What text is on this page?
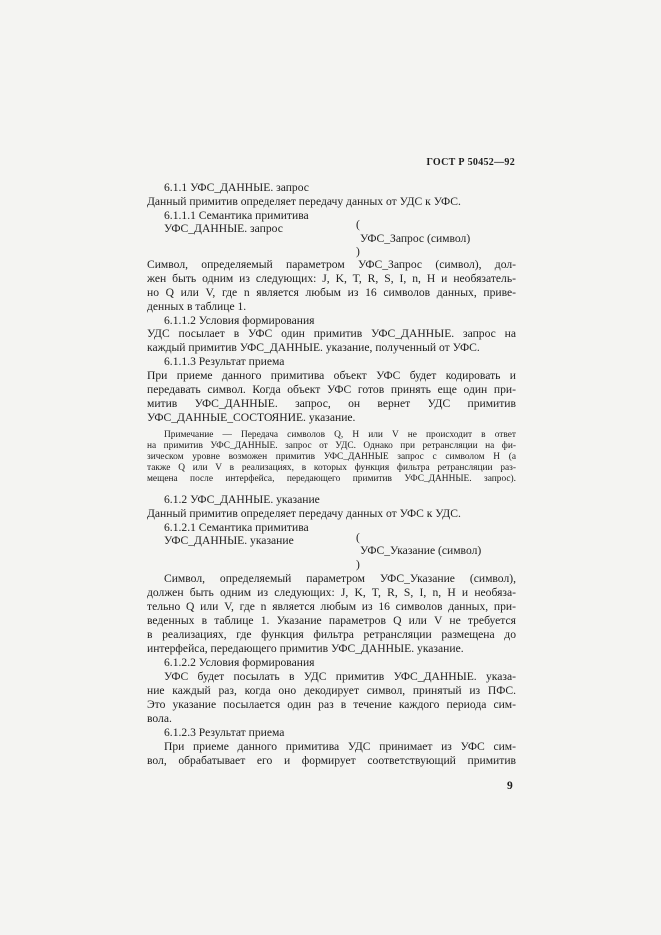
ГОСТ Р 50452—92
6.1.1 УФС_ДАННЫЕ. запрос
Данный примитив определяет передачу данных от УДС к УФС.
6.1.1.1 Семантика примитива
УФС_ДАННЫЕ. запрос	(
УФС_Запрос (символ)
)
Символ, определяемый параметром УФС_Запрос (символ), дол-
жен быть одним из следующих: J, K, T, R, S, I, n, H и необязатель-
но Q или V, где n является любым из 16 символов данных, приве-
денных в таблице 1.
6.1.1.2 Условия формирования
УДС посылает в УФС один примитив УФС_ДАННЫЕ. запрос на
каждый примитив УФС_ДАННЫЕ. указание, полученный от УФС.
6.1.1.3 Результат приема
При приеме данного примитива объект УФС будет кодировать и
передавать символ. Когда объект УФС готов принять еще один при-
митив УФС_ДАННЫЕ. запрос, он вернет УДС примитив
УФС_ДАННЫЕ_СОСТОЯНИЕ. указание.
Примечание — Передача символов Q, H или V не происходит в ответ
на примитив УФС_ДАННЫЕ. запрос от УДС. Однако при ретрансляции на фи-
зическом уровне возможен примитив УФС_ДАННЫЕ запрос с символом H (а
также Q или V в реализациях, в которых функция фильтра ретрансляции раз-
мещена после интерфейса, передающего примитив УФС_ДАННЫЕ. запрос).
6.1.2 УФС_ДАННЫЕ. указание
Данный примитив определяет передачу данных от УФС к УДС.
6.1.2.1 Семантика примитива
УФС_ДАННЫЕ. указание	(
УФС_Указание (символ)
)
Символ, определяемый параметром УФС_Указание (символ),
должен быть одним из следующих: J, K, T, R, S, I, n, H и необяза-
тельно Q или V, где n является любым из 16 символов данных, при-
веденных в таблице 1. Указание параметров Q или V не требуется
в реализациях, где функция фильтра ретрансляции размещена до
интерфейса, передающего примитив УФС_ДАННЫЕ. указание.
6.1.2.2 Условия формирования
УФС будет посылать в УДС примитив УФС_ДАННЫЕ. указа-
ние каждый раз, когда оно декодирует символ, принятый из ПФС.
Это указание посылается один раз в течение каждого периода сим-
вола.
6.1.2.3 Результат приема
При приеме данного примитива УДС принимает из УФС сим-
вол, обрабатывает его и формирует соответствующий примитив
9
